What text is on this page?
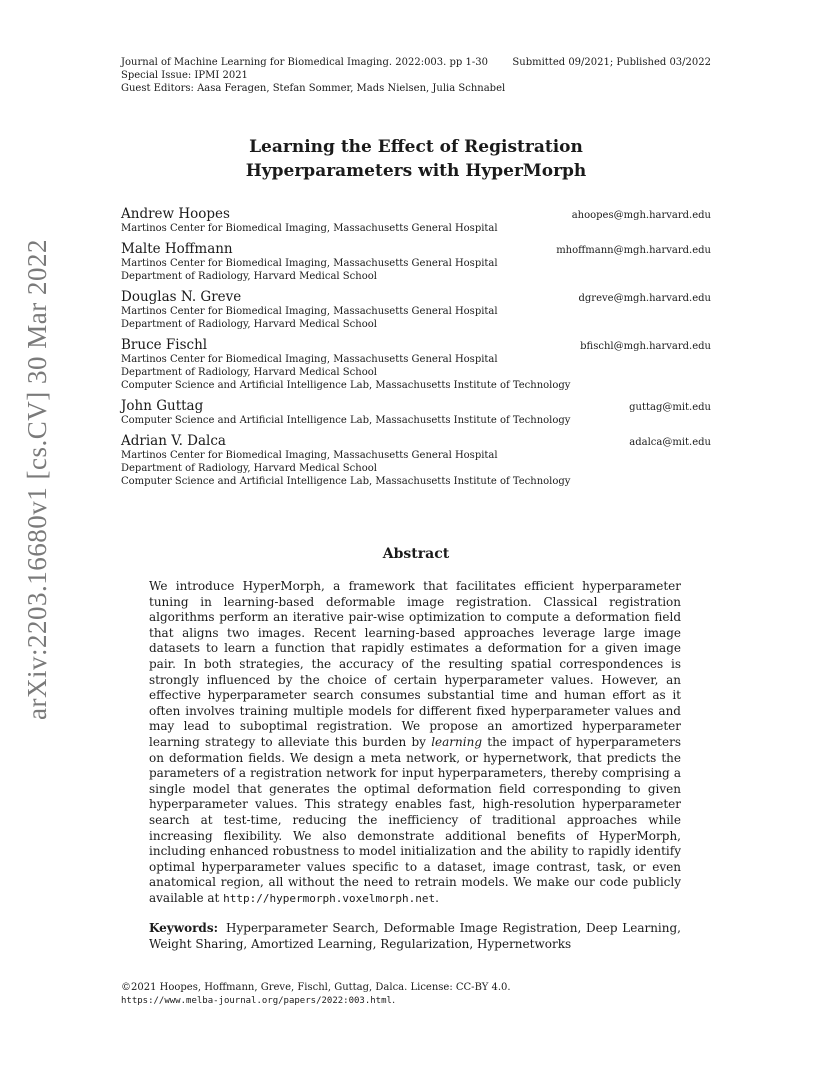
arXiv:2203.16680v1 [cs.CV] 30 Mar 2022
Journal of Machine Learning for Biomedical Imaging. 2022:003. pp 1-30 Submitted 09/2021; Published 03/2022
Special Issue: IPMI 2021
Guest Editors: Aasa Feragen, Stefan Sommer, Mads Nielsen, Julia Schnabel
Learning the Effect of Registration
Hyperparameters with HyperMorph
Andrew Hoopes	ahoopes@mgh.harvard.edu
Martinos Center for Biomedical Imaging, Massachusetts General Hospital
Malte Hoffmann	mhoffmann@mgh.harvard.edu
Martinos Center for Biomedical Imaging, Massachusetts General Hospital
Department of Radiology, Harvard Medical School
Douglas N. Greve	dgreve@mgh.harvard.edu
Martinos Center for Biomedical Imaging, Massachusetts General Hospital
Department of Radiology, Harvard Medical School
Bruce Fischl	bfischl@mgh.harvard.edu
Martinos Center for Biomedical Imaging, Massachusetts General Hospital
Department of Radiology, Harvard Medical School
Computer Science and Artificial Intelligence Lab, Massachusetts Institute of Technology
John Guttag	guttag@mit.edu
Computer Science and Artificial Intelligence Lab, Massachusetts Institute of Technology
Adrian V. Dalca	adalca@mit.edu
Martinos Center for Biomedical Imaging, Massachusetts General Hospital
Department of Radiology, Harvard Medical School
Computer Science and Artificial Intelligence Lab, Massachusetts Institute of Technology
Abstract
We introduce HyperMorph, a framework that facilitates efficient hyperparameter tuning in learning-based deformable image registration. Classical registration algorithms perform an iterative pair-wise optimization to compute a deformation field that aligns two images. Recent learning-based approaches leverage large image datasets to learn a function that rapidly estimates a deformation for a given image pair. In both strategies, the accuracy of the resulting spatial correspondences is strongly influenced by the choice of certain hyperparameter values. However, an effective hyperparameter search consumes substantial time and human effort as it often involves training multiple models for different fixed hyperparameter values and may lead to suboptimal registration. We propose an amortized hyperparameter learning strategy to alleviate this burden by learning the impact of hyperparameters on deformation fields. We design a meta network, or hypernetwork, that predicts the parameters of a registration network for input hyperparameters, thereby comprising a single model that generates the optimal deformation field corresponding to given hyperparameter values. This strategy enables fast, high-resolution hyperparameter search at test-time, reducing the inefficiency of traditional approaches while increasing flexibility. We also demonstrate additional benefits of HyperMorph, including enhanced robustness to model initialization and the ability to rapidly identify optimal hyperparameter values specific to a dataset, image contrast, task, or even anatomical region, all without the need to retrain models. We make our code publicly available at http://hypermorph.voxelmorph.net.
Keywords: Hyperparameter Search, Deformable Image Registration, Deep Learning, Weight Sharing, Amortized Learning, Regularization, Hypernetworks
©2021 Hoopes, Hoffmann, Greve, Fischl, Guttag, Dalca. License: CC-BY 4.0.
https://www.melba-journal.org/papers/2022:003.html.
